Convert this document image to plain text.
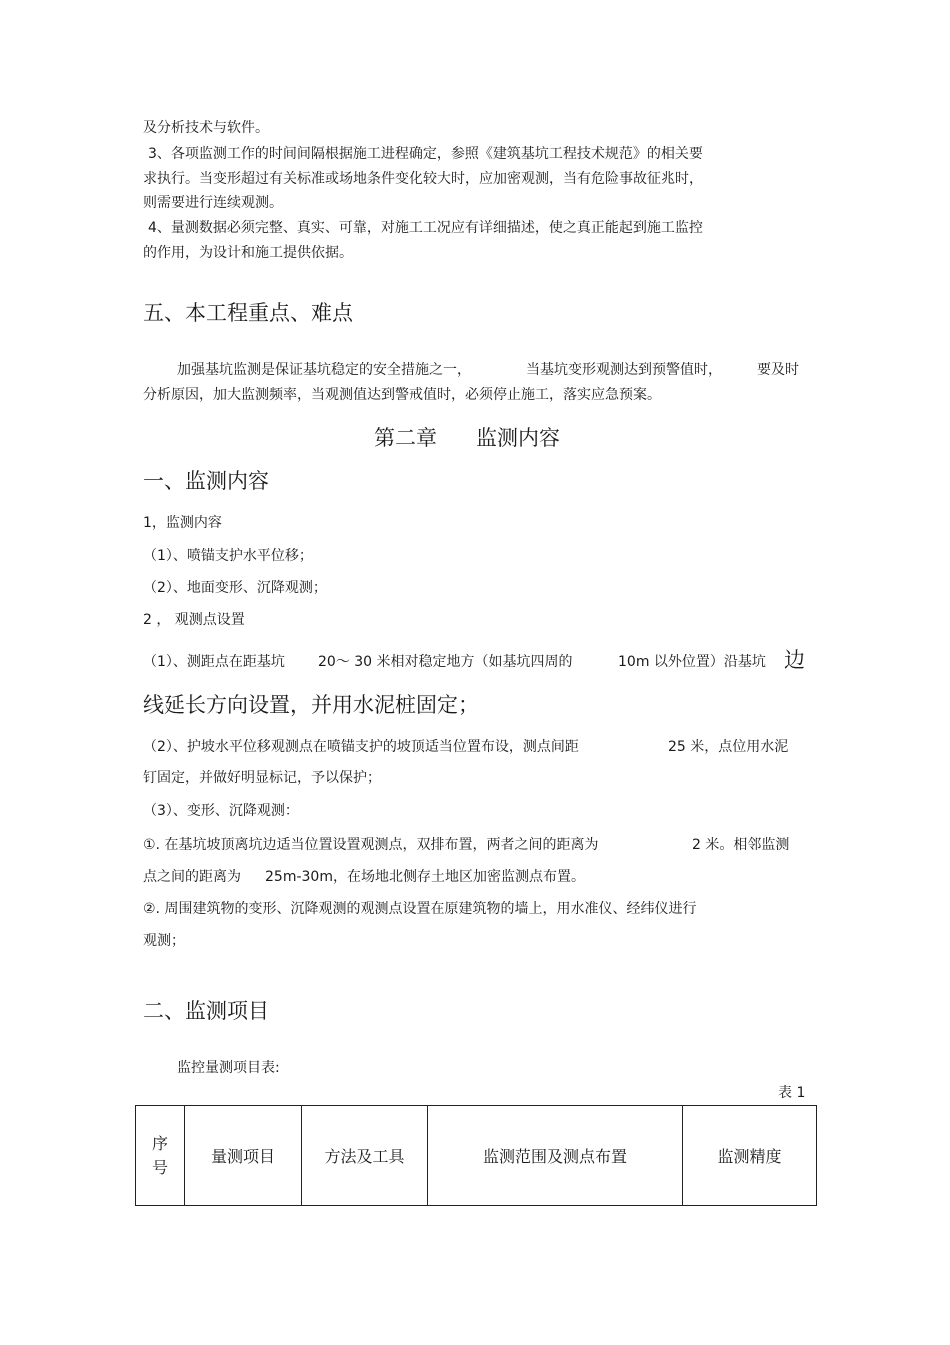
及分析技术与软件。
3、各项监测工作的时间间隔根据施工进程确定，参照《建筑基坑工程技术规范》的相关要
求执行。当变形超过有关标准或场地条件变化较大时，应加密观测，当有危险事故征兆时，
则需要进行连续观测。
4、量测数据必须完整、真实、可靠，对施工工况应有详细描述，使之真正能起到施工监控
的作用，为设计和施工提供依据。
五、本工程重点、难点
加强基坑监测是保证基坑稳定的安全措施之一，	当基坑变形观测达到预警值时，	要及时
分析原因，加大监测频率，当观测值达到警戒值时，必须停止施工，落实应急预案。
第二章 监测内容
一、监测内容
1，监测内容
（1）、喷锚支护水平位移；
（2）、地面变形、沉降观测；
2 ， 观测点设置
（1）、测距点在距基坑 20～ 30 米相对稳定地方（如基坑四周的	10m 以外位置）沿基坑 边
线延长方向设置，并用水泥桩固定；
（2）、护坡水平位移观测点在喷锚支护的坡顶适当位置布设，测点间距	25 米，点位用水泥
钉固定，并做好明显标记，予以保护；
（3）、变形、沉降观测：
①. 在基坑坡顶离坑边适当位置设置观测点，双排布置，两者之间的距离为	2 米。相邻监测
点之间的距离为 25m-30m，在场地北侧存土地区加密监测点布置。
②. 周围建筑物的变形、沉降观测的观测点设置在原建筑物的墙上，用水准仪、经纬仪进行
观测；
二、监测项目
监控量测项目表:
表 1
序
号	量测项目	方法及工具	监测范围及测点布置	监测精度
